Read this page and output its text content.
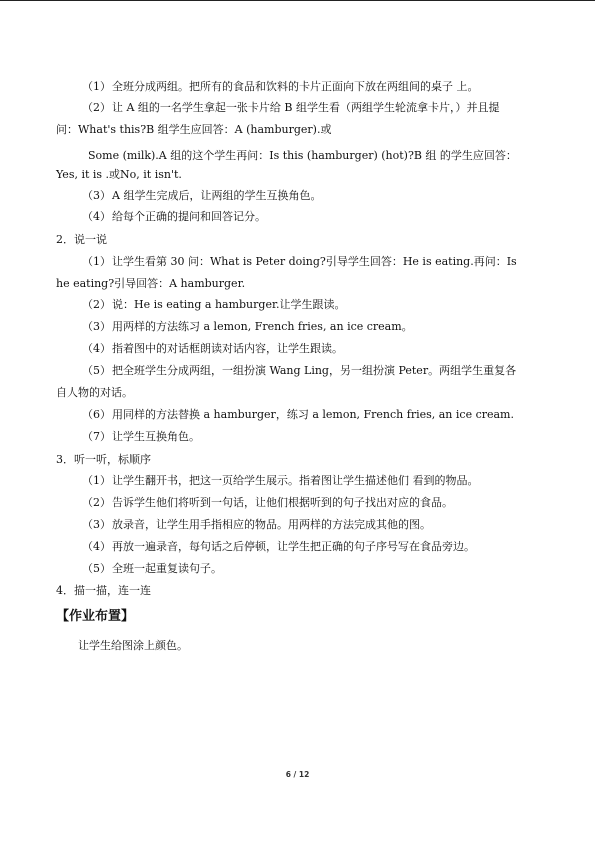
（1）全班分成两组。把所有的食品和饮料的卡片正面向下放在两组间的桌子 上。
（2）让 A 组的一名学生拿起一张卡片给 B 组学生看（两组学生轮流拿卡片，）并且提
问：What's this?B 组学生应回答：A (hamburger).或
Some (milk).A 组的这个学生再问：Is this (hamburger) (hot)?B 组 的学生应回答：
Yes, it is .或No, it isn't.
（3）A 组学生完成后，让两组的学生互换角色。
（4）给每个正确的提问和回答记分。
2．说一说
（1）让学生看第 30 问：What is Peter doing?引导学生回答：He is eating.再问：Is
he eating?引导回答：A hamburger.
（2）说：He is eating a hamburger.让学生跟读。
（3）用两样的方法练习 a lemon, French fries, an ice cream。
（4）指着图中的对话框朗读对话内容，让学生跟读。
（5）把全班学生分成两组，一组扮演 Wang Ling，另一组扮演 Peter。两组学生重复各
自人物的对话。
（6）用同样的方法替换 a hamburger，练习 a lemon, French fries, an ice cream.
（7）让学生互换角色。
3．听一听，标顺序
（1）让学生翻开书，把这一页给学生展示。指着图让学生描述他们 看到的物品。
（2）告诉学生他们将听到一句话，让他们根据听到的句子找出对应的食品。
（3）放录音，让学生用手指相应的物品。用两样的方法完成其他的图。
（4）再放一遍录音，每句话之后停顿，让学生把正确的句子序号写在食品旁边。
（5）全班一起重复读句子。
4．描一描，连一连
【作业布置】
让学生给图涂上颜色。
6 / 12
